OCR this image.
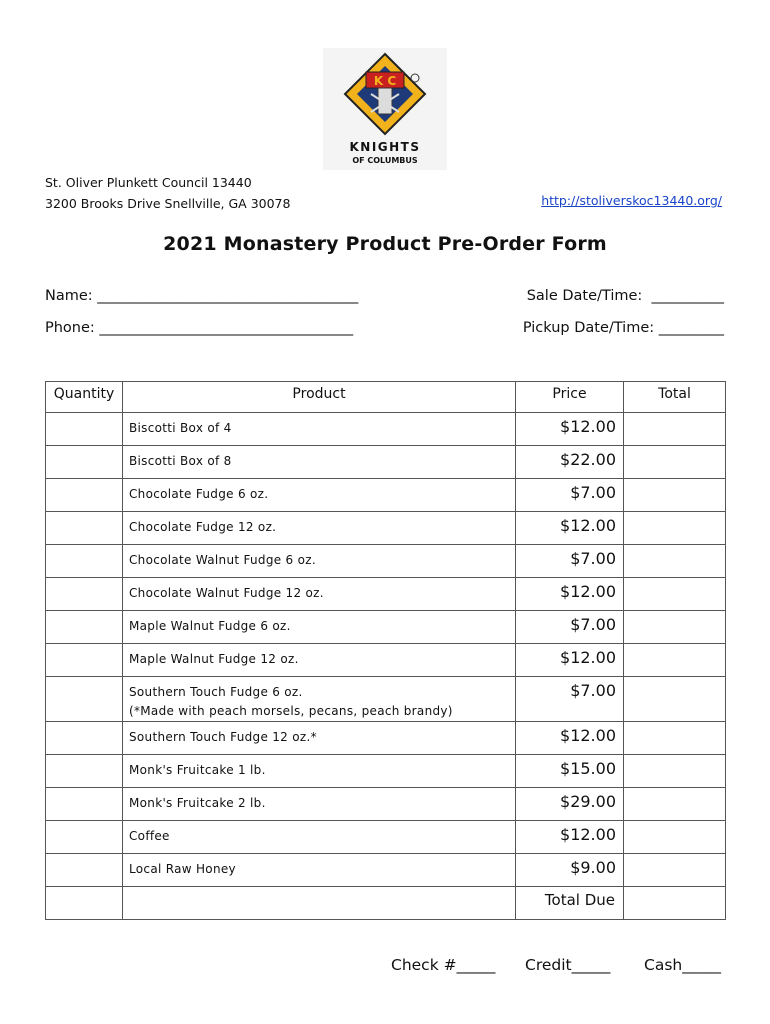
K C
KNIGHTS
OF COLUMBUS
St. Oliver Plunkett Council 13440
3200 Brooks Drive Snellville, GA 30078	http://stoliverskoc13440.org/
2021 Monastery Product Pre-Order Form
Name: ____________________________________
Phone: ___________________________________
Sale Date/Time:  __________
Pickup Date/Time: _________
Quantity	Product	Price	Total

	Biscotti Box of 4	$12.00	

	Biscotti Box of 8	$22.00	

	Chocolate Fudge 6 oz.	$7.00	

	Chocolate Fudge 12 oz.	$12.00	

	Chocolate Walnut Fudge 6 oz.	$7.00	

	Chocolate Walnut Fudge 12 oz.	$12.00	

	Maple Walnut Fudge 6 oz.	$7.00	

	Maple Walnut Fudge 12 oz.	$12.00	

	Southern Touch Fudge 6 oz.
(*Made with peach morsels, pecans, peach brandy)	$7.00	

	Southern Touch Fudge 12 oz.*	$12.00	

	Monk's Fruitcake 1 lb.	$15.00	

	Monk's Fruitcake 2 lb.	$29.00	

	Coffee	$12.00	

	Local Raw Honey	$9.00	
		Total Due	
Check #_____ Credit_____ Cash_____
